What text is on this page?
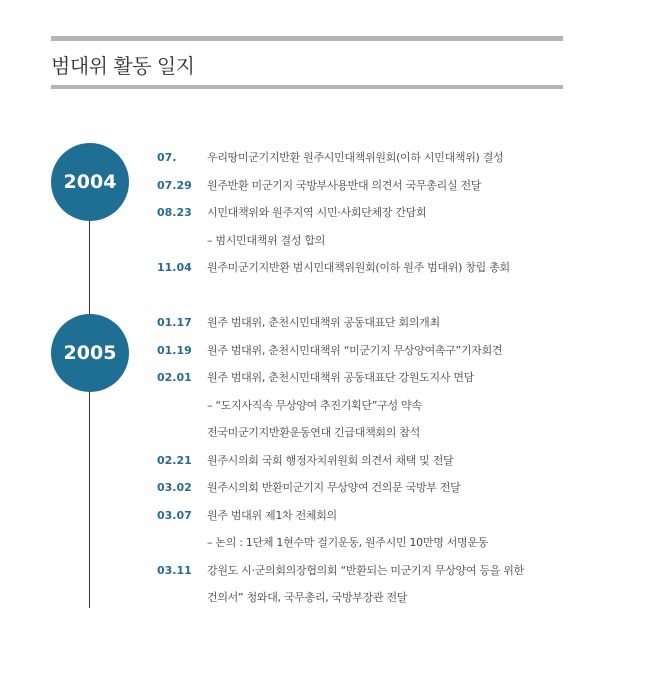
범대위 활동 일지
2004
2005
07.	우리땅미군기지반환 원주시민대책위원회(이하 시민대책위) 결성
07.29	원주반환 미군기지 국방부사용반대 의견서 국무총리실 전달
08.23	시민대책위와 원주지역 시민·사회단체장 간담회
– 범시민대책위 결성 합의
11.04	원주미군기지반환 범시민대책위원회(이하 원주 범대위) 창립 총회
01.17	원주 범대위, 춘천시민대책위 공동대표단 회의개최
01.19	원주 범대위, 춘천시민대책위 “미군기지 무상양여촉구”기자회견
02.01	원주 범대위, 춘천시민대책위 공동대표단 강원도지사 면담
– “도지사직속 무상양여 추진기획단”구성 약속
전국미군기지반환운동연대 긴급대책회의 참석
02.21	원주시의회 국회 행정자치위원회 의견서 채택 및 전달
03.02	원주시의회 반환미군기지 무상양여 건의문 국방부 전달
03.07	원주 범대위 제1차 전체회의
– 논의 : 1단체 1현수막 걸기운동, 원주시민 10만명 서명운동
03.11	강원도 시·군의회의장협의회 “반환되는 미군기지 무상양여 등을 위한
건의서” 청와대, 국무총리, 국방부장관 전달
